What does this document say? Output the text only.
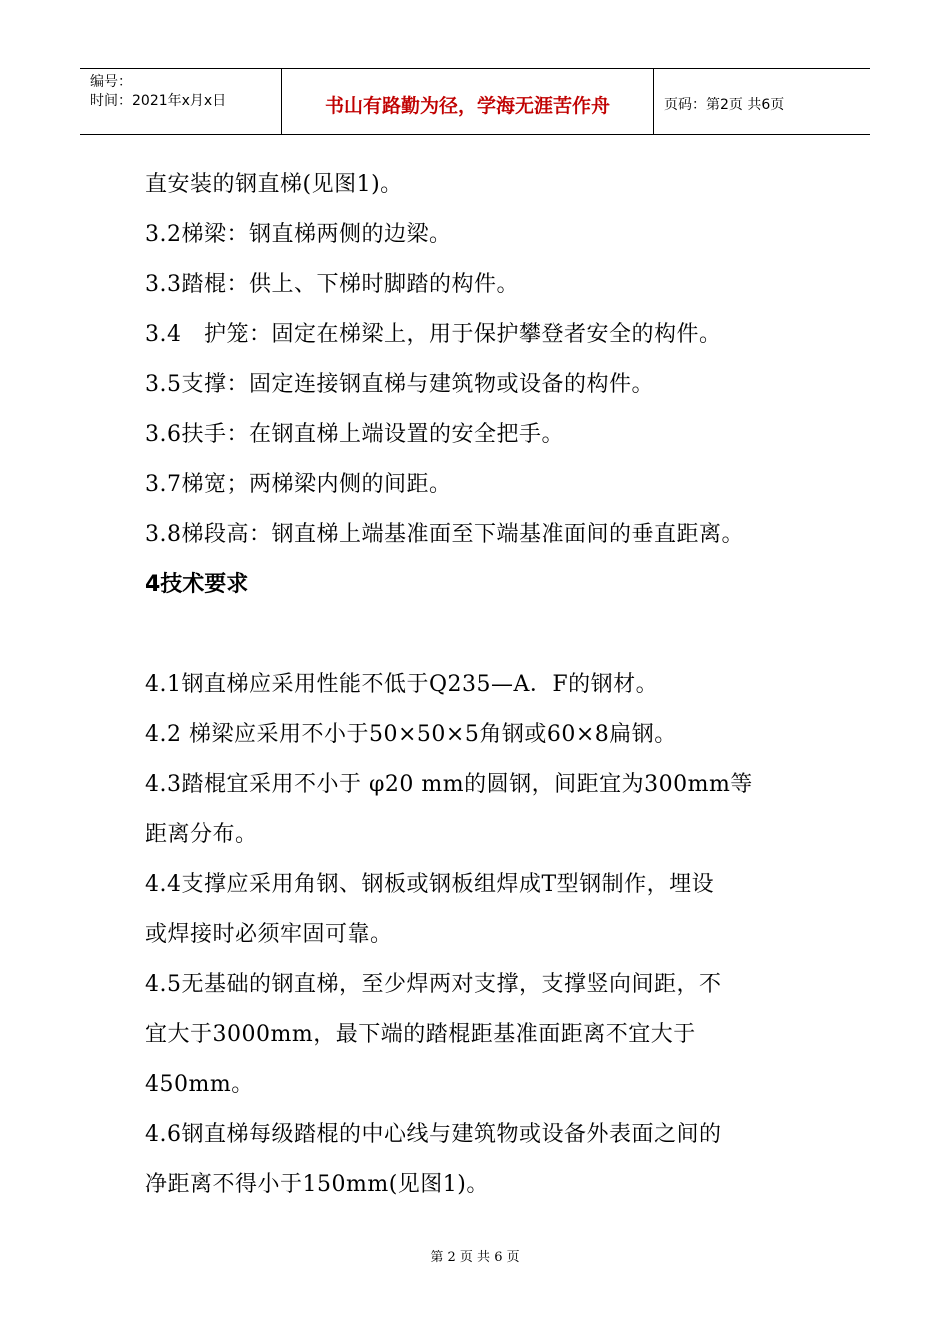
编号：
时间：2021年x月x日	书山有路勤为径，学海无涯苦作舟	页码：第2页 共6页
直安装的钢直梯(见图1)。
3.2梯梁：钢直梯两侧的边梁。
3.3踏棍：供上、下梯时脚踏的构件。
3.4   护笼：固定在梯梁上，用于保护攀登者安全的构件。
3.5支撑：固定连接钢直梯与建筑物或设备的构件。
3.6扶手：在钢直梯上端设置的安全把手。
3.7梯宽；两梯梁内侧的间距。
3.8梯段高：钢直梯上端基准面至下端基准面间的垂直距离。
4技术要求
4.1钢直梯应采用性能不低于Q235—A．F的钢材。
4.2 梯梁应采用不小于50×50×5角钢或60×8扁钢。
4.3踏棍宜采用不小于 φ20 mm的圆钢，间距宜为300mm等
距离分布。
4.4支撑应采用角钢、钢板或钢板组焊成T型钢制作，埋设
或焊接时必须牢固可靠。
4.5无基础的钢直梯，至少焊两对支撑，支撑竖向间距，不
宜大于3000mm，最下端的踏棍距基准面距离不宜大于
450mm。
4.6钢直梯每级踏棍的中心线与建筑物或设备外表面之间的
净距离不得小于150mm(见图1)。
第 2 页 共 6 页
